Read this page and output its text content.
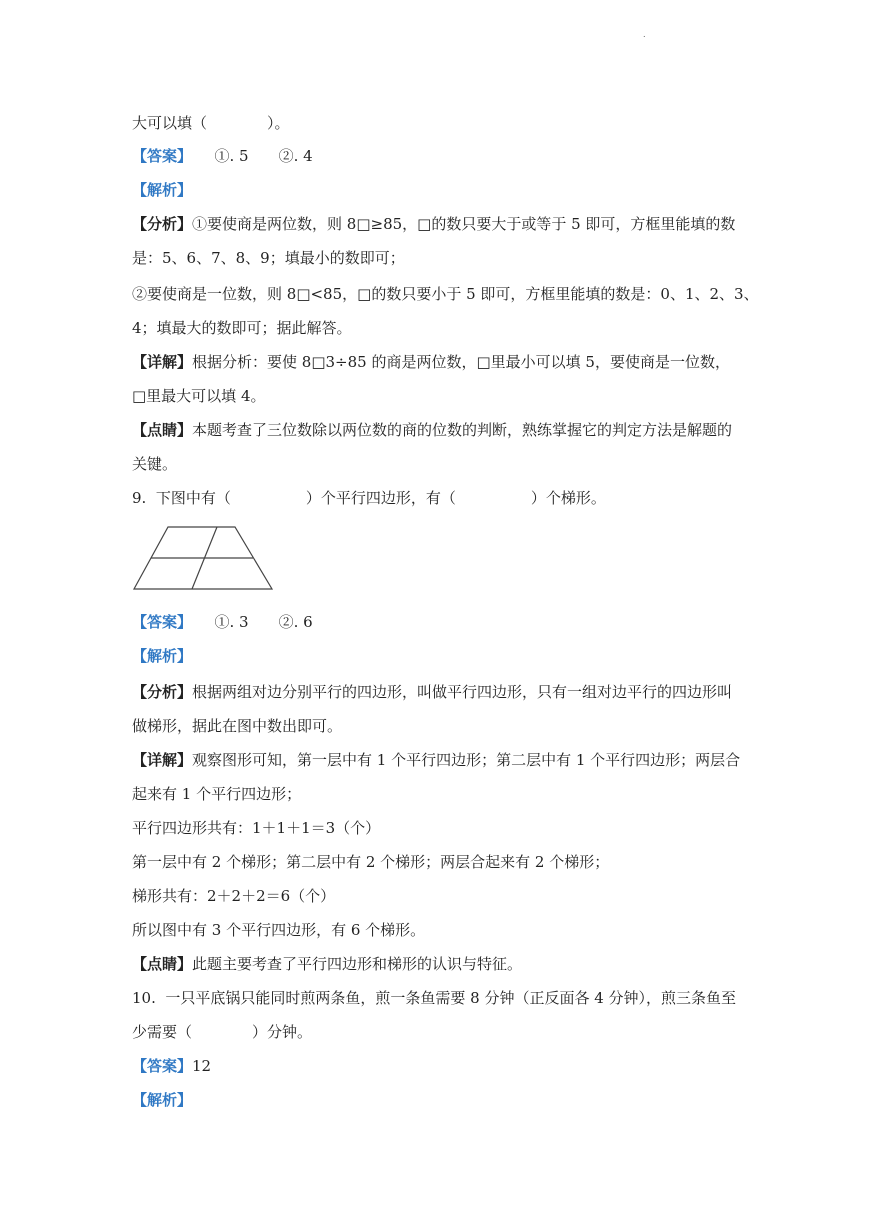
.
大可以填（　　　　）。
【答案】　　①. 5　　②. 4
【解析】
【分析】①要使商是两位数，则 8□≥85，□的数只要大于或等于 5 即可，方框里能填的数
是：5、6、7、8、9；填最小的数即可；
②要使商是一位数，则 8□<85，□的数只要小于 5 即可，方框里能填的数是：0、1、2、3、
4；填最大的数即可；据此解答。
【详解】根据分析：要使 8□3÷85 的商是两位数，□里最小可以填 5，要使商是一位数，
□里最大可以填 4。
【点睛】本题考查了三位数除以两位数的商的位数的判断，熟练掌握它的判定方法是解题的
关键。
9.  下图中有（　　　　　）个平行四边形，有（　　　　　）个梯形。
【答案】　　①. 3　　②. 6
【解析】
【分析】根据两组对边分别平行的四边形，叫做平行四边形，只有一组对边平行的四边形叫
做梯形，据此在图中数出即可。
【详解】观察图形可知，第一层中有 1 个平行四边形；第二层中有 1 个平行四边形；两层合
起来有 1 个平行四边形；
平行四边形共有：1＋1＋1＝3（个）
第一层中有 2 个梯形；第二层中有 2 个梯形；两层合起来有 2 个梯形；
梯形共有：2＋2＋2＝6（个）
所以图中有 3 个平行四边形，有 6 个梯形。
【点睛】此题主要考查了平行四边形和梯形的认识与特征。
10.  一只平底锅只能同时煎两条鱼，煎一条鱼需要 8 分钟（正反面各 4 分钟），煎三条鱼至
少需要（　　　　）分钟。
【答案】12
【解析】
